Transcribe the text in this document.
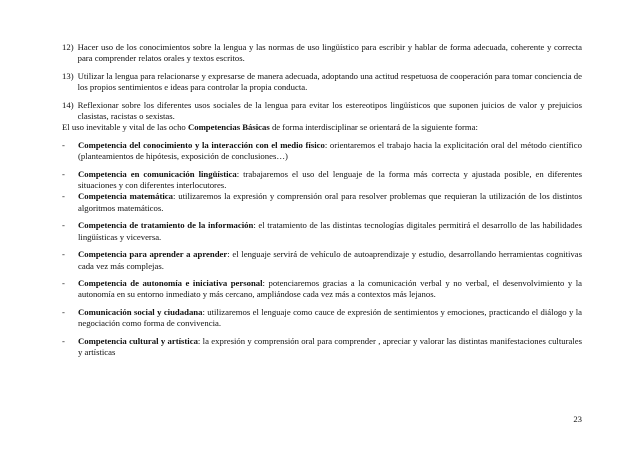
12) Hacer uso de los conocimientos sobre la lengua y las normas de uso lingüístico para escribir y hablar de forma adecuada, coherente y correcta para comprender relatos orales y textos escritos.
13) Utilizar la lengua para relacionarse y expresarse de manera adecuada, adoptando una actitud respetuosa de cooperación para tomar conciencia de los propios sentimientos e ideas para controlar la propia conducta.
14) Reflexionar sobre los diferentes usos sociales de la lengua para evitar los estereotipos lingüísticos que suponen juicios de valor y prejuicios clasistas, racistas o sexistas.

El uso inevitable y vital de las ocho Competencias Básicas de forma interdisciplinar se orientará de la siguiente forma:

-	Competencia del conocimiento y la interacción con el medio físico: orientaremos el trabajo hacia la explicitación oral del método científico (planteamientos de hipótesis, exposición de conclusiones…)
-	Competencia en comunicación lingüística: trabajaremos el uso del lenguaje de la forma más correcta y ajustada posible, en diferentes situaciones y con diferentes interlocutores.
-	Competencia matemática: utilizaremos la expresión y comprensión oral para resolver problemas que requieran la utilización de los distintos algoritmos matemáticos.
-	Competencia de tratamiento de la información: el tratamiento de las distintas tecnologías digitales permitirá el desarrollo de las habilidades lingüísticas y viceversa.
-	Competencia para aprender a aprender: el lenguaje servirá de vehículo de autoaprendizaje y estudio, desarrollando herramientas cognitivas cada vez más complejas.
-	Competencia de autonomía e iniciativa personal: potenciaremos gracias a la comunicación verbal y no verbal, el desenvolvimiento y la autonomía en su entorno inmediato y más cercano, ampliándose cada vez más a contextos más lejanos.
-	Comunicación social y ciudadana: utilizaremos el lenguaje como cauce de expresión de sentimientos y emociones, practicando el diálogo y la negociación como forma de convivencia.
-	Competencia cultural y artística: la expresión y comprensión oral para comprender , apreciar y valorar las distintas manifestaciones culturales y artísticas
23
